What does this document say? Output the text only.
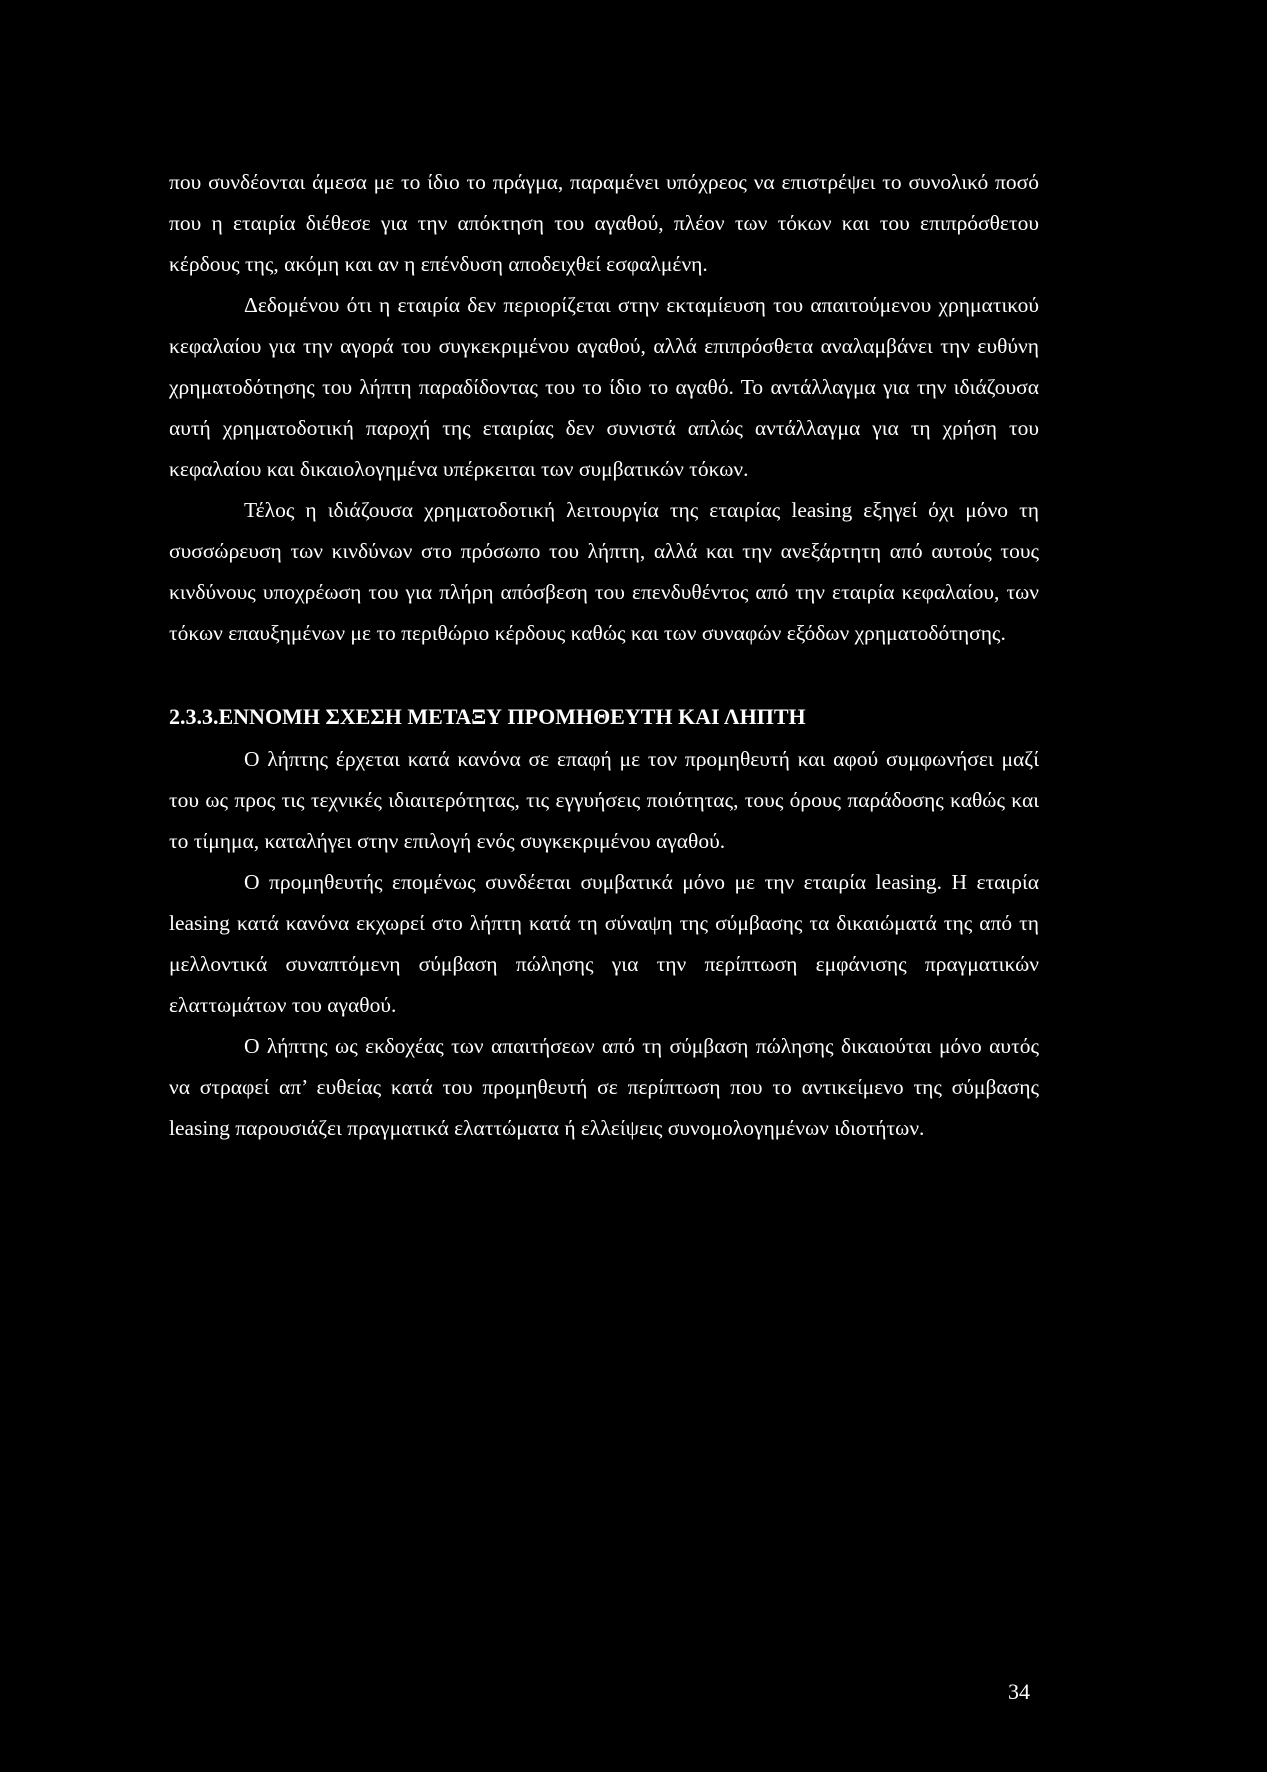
που συνδέονται άμεσα με το ίδιο το πράγμα, παραμένει υπόχρεος να επιστρέψει το συνολικό ποσό που η εταιρία διέθεσε για την απόκτηση του αγαθού, πλέον των τόκων και του επιπρόσθετου κέρδους της, ακόμη και αν η επένδυση αποδειχθεί εσφαλμένη.

Δεδομένου ότι η εταιρία δεν περιορίζεται στην εκταμίευση του απαιτούμενου χρηματικού κεφαλαίου για την αγορά του συγκεκριμένου αγαθού, αλλά επιπρόσθετα αναλαμβάνει την ευθύνη χρηματοδότησης του λήπτη παραδίδοντας του το ίδιο το αγαθό. Το αντάλλαγμα για την ιδιάζουσα αυτή χρηματοδοτική παροχή της εταιρίας δεν συνιστά απλώς αντάλλαγμα για τη χρήση του κεφαλαίου και δικαιολογημένα υπέρκειται των συμβατικών τόκων.

Τέλος η ιδιάζουσα χρηματοδοτική λειτουργία της εταιρίας leasing εξηγεί όχι μόνο τη συσσώρευση των κινδύνων στο πρόσωπο του λήπτη, αλλά και την ανεξάρτητη από αυτούς τους κινδύνους υποχρέωση του για πλήρη απόσβεση του επενδυθέντος από την εταιρία κεφαλαίου, των τόκων επαυξημένων με το περιθώριο κέρδους καθώς και των συναφών εξόδων χρηματοδότησης.

2.3.3.ΕΝΝΟΜΗ ΣΧΕΣΗ ΜΕΤΑΞΥ ΠΡΟΜΗΘΕΥΤΗ ΚΑΙ ΛΗΠΤΗ

Ο λήπτης έρχεται κατά κανόνα σε επαφή με τον προμηθευτή και αφού συμφωνήσει μαζί του ως προς τις τεχνικές ιδιαιτερότητας, τις εγγυήσεις ποιότητας, τους όρους παράδοσης καθώς και το τίμημα, καταλήγει στην επιλογή ενός συγκεκριμένου αγαθού.

Ο προμηθευτής επομένως συνδέεται συμβατικά μόνο με την εταιρία leasing. Η εταιρία leasing κατά κανόνα εκχωρεί στο λήπτη κατά τη σύναψη της σύμβασης τα δικαιώματά της από τη μελλοντικά συναπτόμενη σύμβαση πώλησης για την περίπτωση εμφάνισης πραγματικών ελαττωμάτων του αγαθού.

Ο λήπτης ως εκδοχέας των απαιτήσεων από τη σύμβαση πώλησης δικαιούται μόνο αυτός να στραφεί απ’ ευθείας κατά του προμηθευτή σε περίπτωση που το αντικείμενο της σύμβασης leasing παρουσιάζει πραγματικά ελαττώματα ή ελλείψεις συνομολογημένων ιδιοτήτων.

34
